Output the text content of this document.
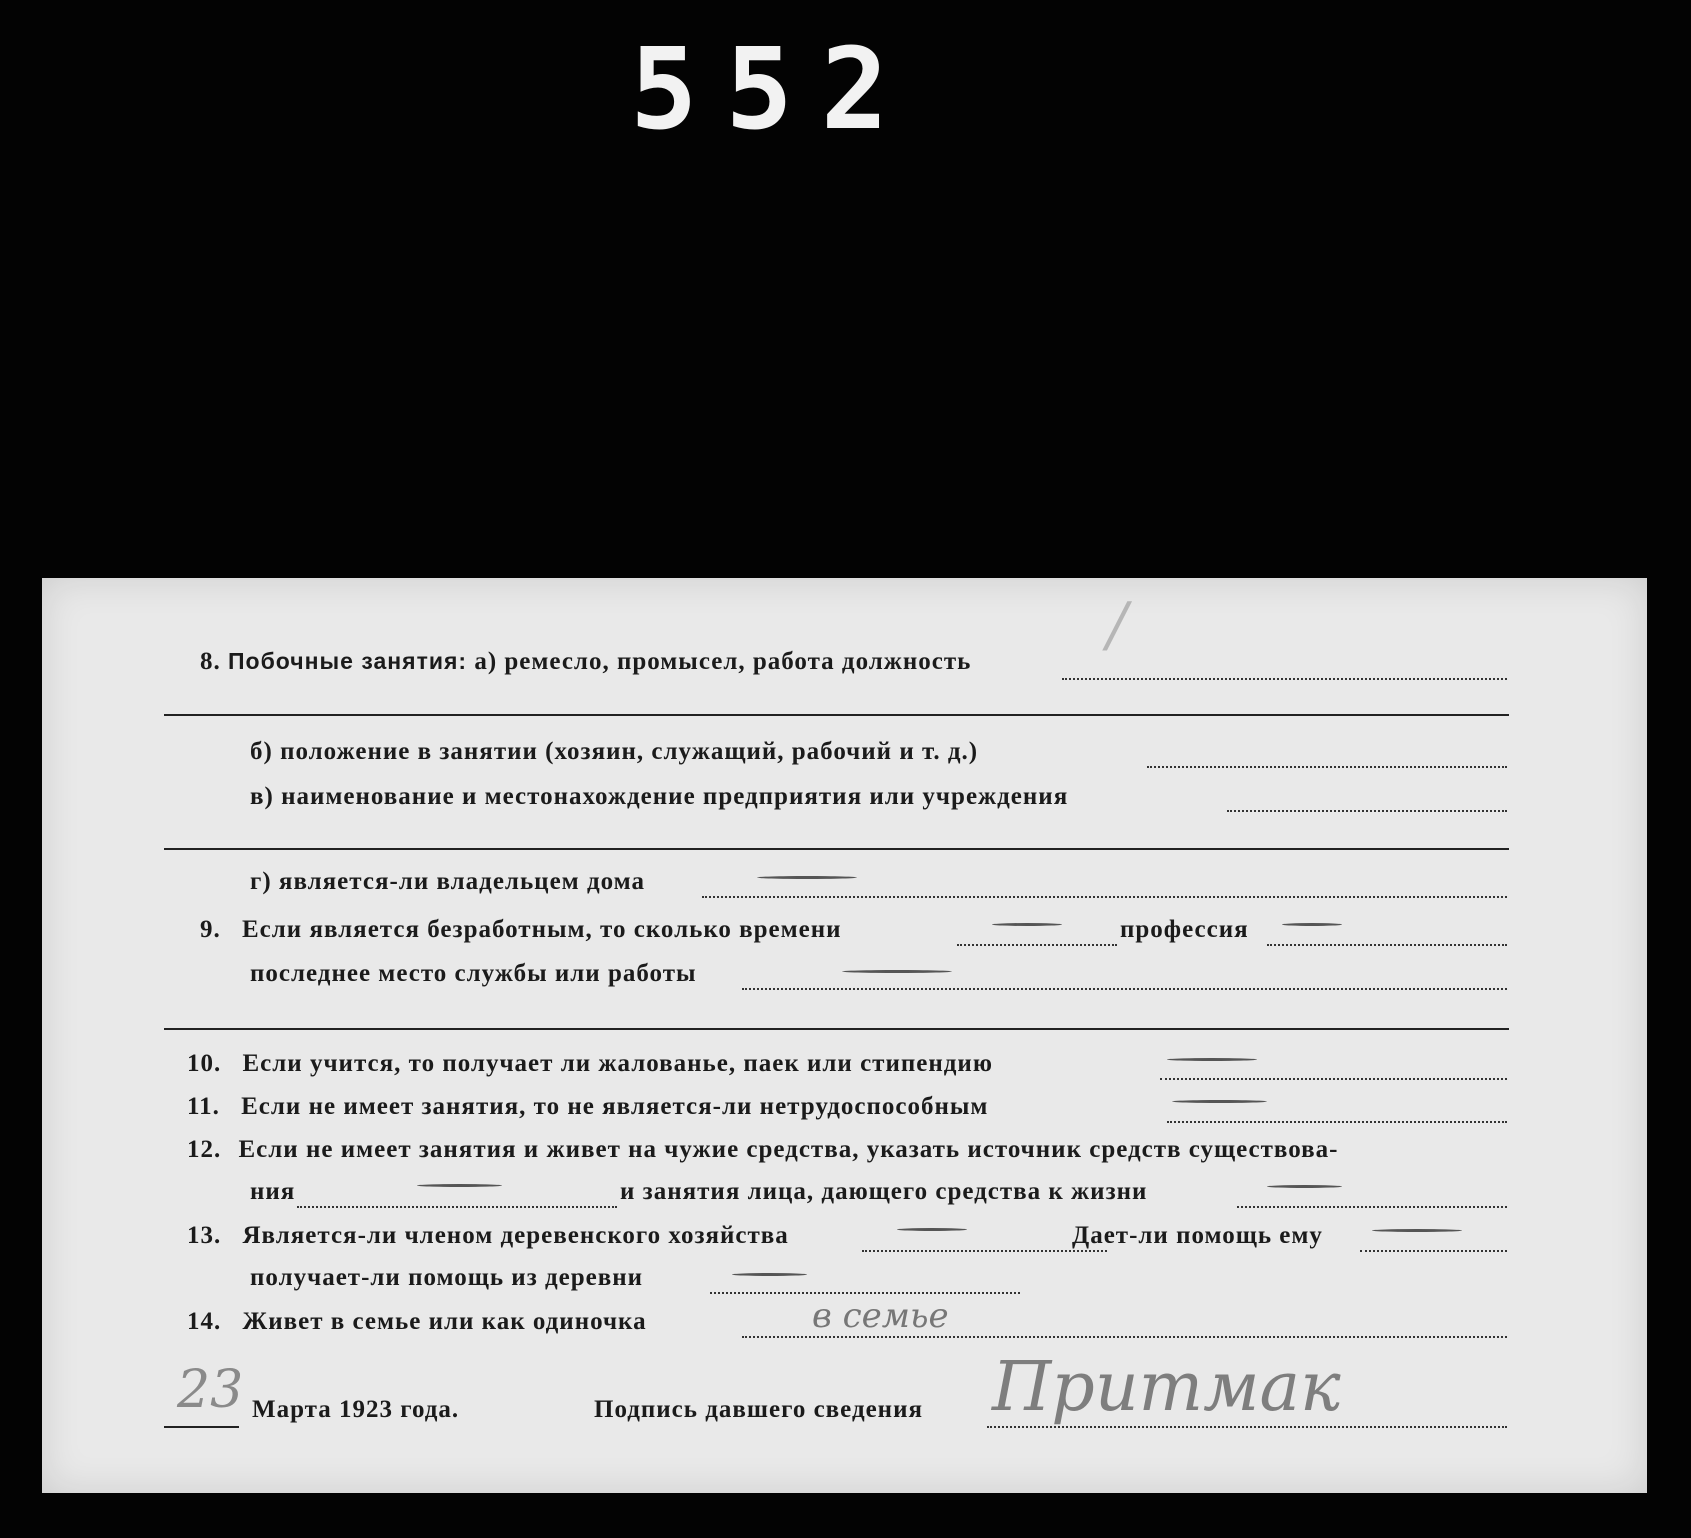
552
/
8. Побочные занятия: а) ремесло, промысел, работа должность
б) положение в занятии (хозяин, служащий, рабочий и т. д.)
в) наименование и местонахождение предприятия или учреждения
г) является-ли владельцем дома
9. Если является безработным, то сколько времени	профессия
последнее место службы или работы
10. Если учится, то получает ли жалованье, паек или стипендию
11. Если не имеет занятия, то не является-ли нетрудоспособным
12. Если не имеет занятия и живет на чужие средства, указать источник средств существова-
ния	и занятия лица, дающего средства к жизни
13. Является-ли членом деревенского хозяйства	Дает-ли помощь ему
получает-ли помощь из деревни
14. Живет в семье или как одиночка	в семье
23 Марта 1923 года.	Подпись давшего сведения Притмак
